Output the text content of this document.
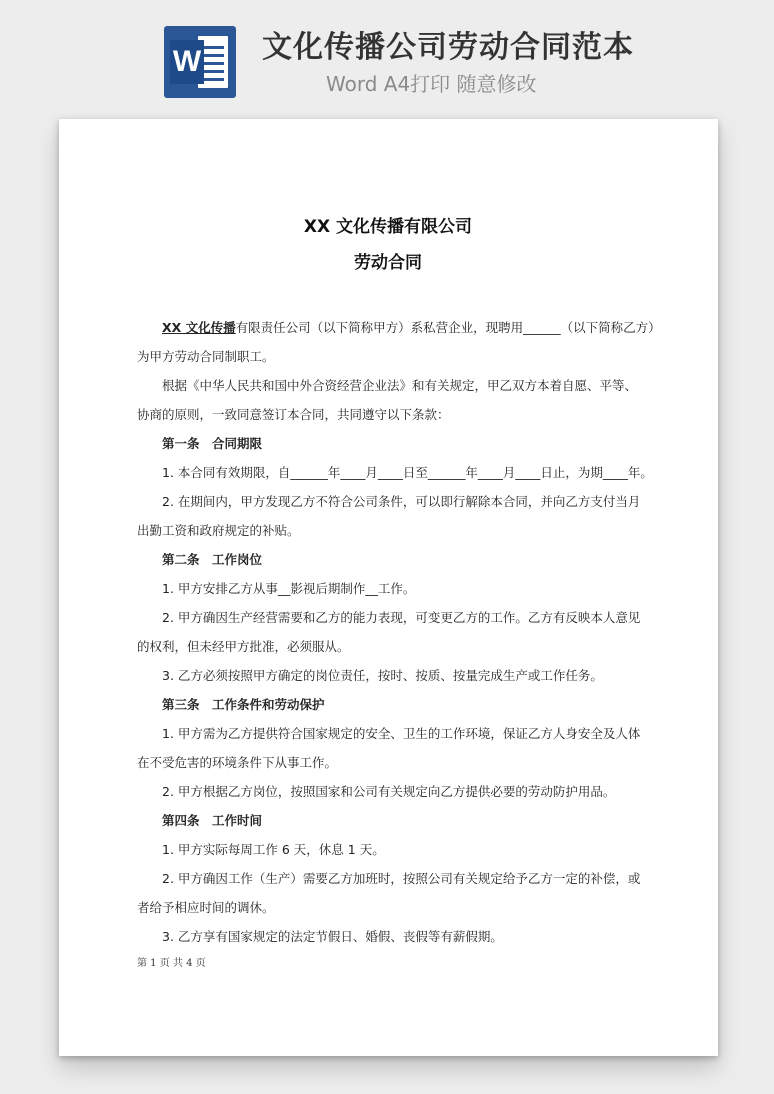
W 文化传播公司劳动合同范本
Word A4打印 随意修改

XX 文化传播有限公司
劳动合同

XX 文化传播有限责任公司（以下简称甲方）系私营企业，现聘用______（以下简称乙方）

为甲方劳动合同制职工。

根据《中华人民共和国中外合资经营企业法》和有关规定，甲乙双方本着自愿、平等、

协商的原则，一致同意签订本合同，共同遵守以下条款：

第一条　合同期限

1. 本合同有效期限，自______年____月____日至______年____月____日止，为期____年。

2. 在期间内，甲方发现乙方不符合公司条件，可以即行解除本合同，并向乙方支付当月

出勤工资和政府规定的补贴。

第二条　工作岗位

1. 甲方安排乙方从事__影视后期制作__工作。

2. 甲方确因生产经营需要和乙方的能力表现，可变更乙方的工作。乙方有反映本人意见

的权利，但未经甲方批准，必须服从。

3. 乙方必须按照甲方确定的岗位责任，按时、按质、按量完成生产或工作任务。

第三条　工作条件和劳动保护

1. 甲方需为乙方提供符合国家规定的安全、卫生的工作环境，保证乙方人身安全及人体

在不受危害的环境条件下从事工作。

2. 甲方根据乙方岗位，按照国家和公司有关规定向乙方提供必要的劳动防护用品。

第四条　工作时间

1. 甲方实际每周工作 6 天，休息 1 天。

2. 甲方确因工作（生产）需要乙方加班时，按照公司有关规定给予乙方一定的补偿，或

者给予相应时间的调休。

3. 乙方享有国家规定的法定节假日、婚假、丧假等有薪假期。

第 1 页 共 4 页
